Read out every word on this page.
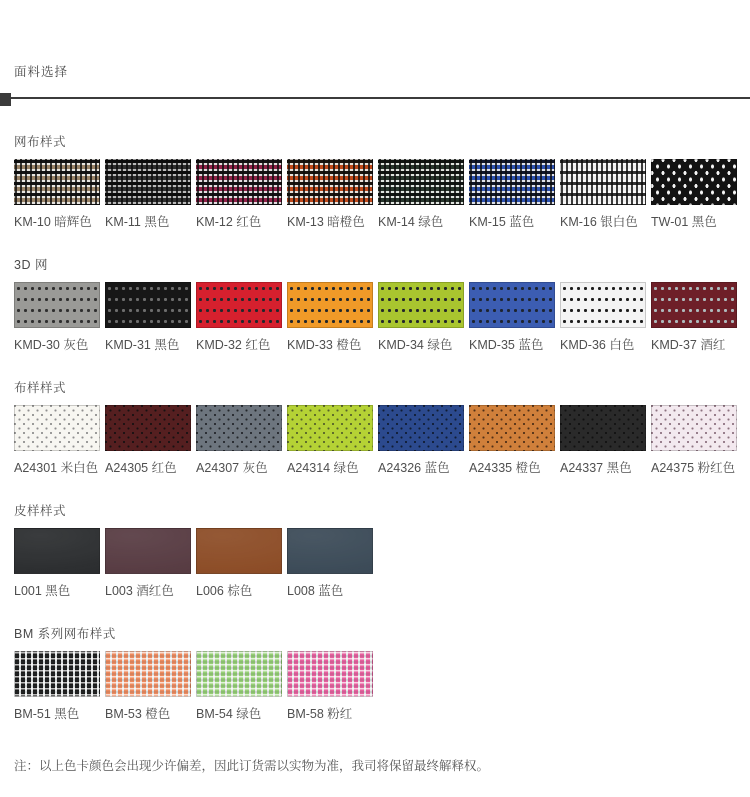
面料选择
网布样式
KM-10 暗辉色	KM-11 黑色	KM-12 红色	KM-13 暗橙色	KM-14 绿色	KM-15 蓝色	KM-16 银白色	TW-01 黑色
3D 网
KMD-30 灰色	KMD-31 黑色	KMD-32 红色	KMD-33 橙色	KMD-34 绿色	KMD-35 蓝色	KMD-36 白色	KMD-37 酒红
布样样式
A24301 米白色 A24305 红色	A24307 灰色	A24314 绿色	A24326 蓝色	A24335 橙色	A24337 黑色	A24375 粉红色
皮样样式
L001 黑色	L003 酒红色	L006 棕色	L008 蓝色
BM 系列网布样式
BM-51 黑色	BM-53 橙色	BM-54 绿色	BM-58 粉红
注：以上色卡颜色会出现少许偏差，因此订货需以实物为准，我司将保留最终解释权。
